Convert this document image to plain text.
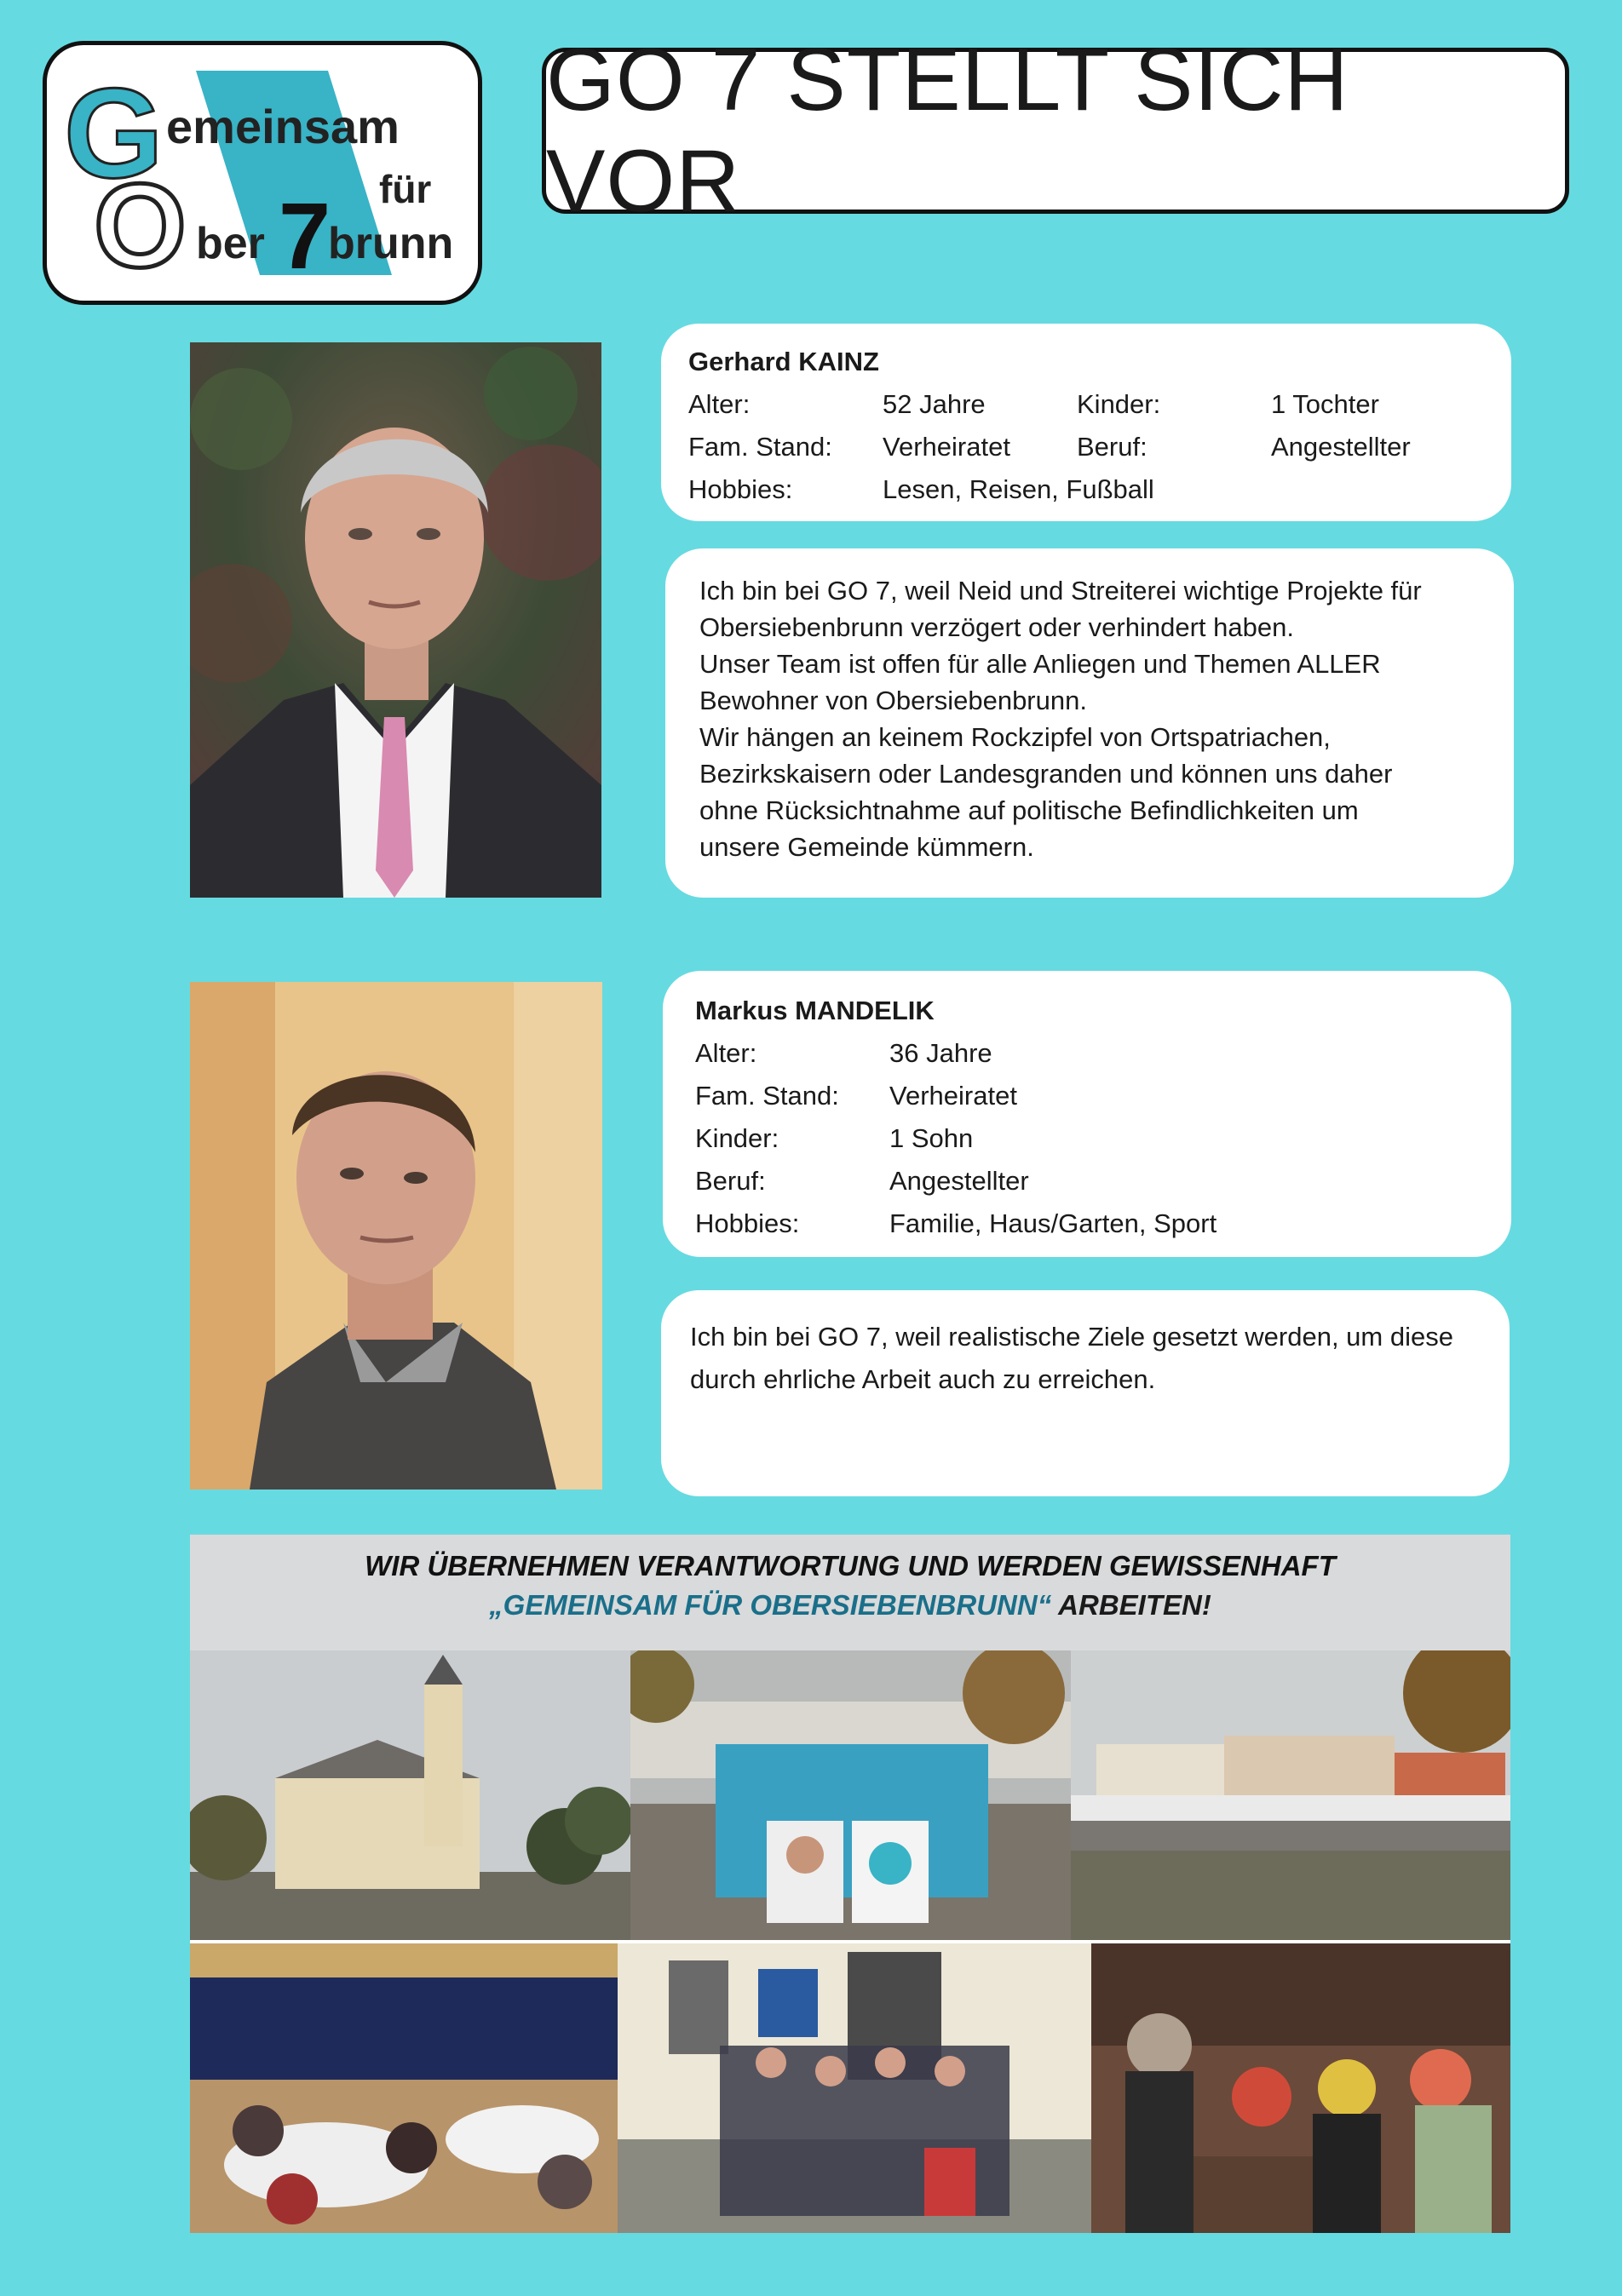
G
O
emeinsam
für
ber 7
brunn
GO 7 STELLT SICH VOR
Gerhard KAINZ
Alter:	52 Jahre	Kinder:	1 Tochter
Fam. Stand:	Verheiratet	Beruf:	Angestellter
Hobbies:	Lesen, Reisen, Fußball
Ich bin bei GO 7, weil Neid und Streiterei wichtige Projekte für
Obersiebenbrunn verzögert oder verhindert haben.
Unser Team ist offen für alle Anliegen und Themen ALLER
Bewohner von Obersiebenbrunn.
Wir hängen an keinem Rockzipfel von Ortspatriachen,
Bezirkskaisern oder Landesgranden und können uns daher
ohne Rücksichtnahme auf politische Befindlichkeiten um
unsere Gemeinde kümmern.
Markus MANDELIK
Alter:	36 Jahre
Fam. Stand:	Verheiratet
Kinder:	1 Sohn
Beruf:	Angestellter
Hobbies:	Familie, Haus/Garten, Sport
Ich bin bei GO 7, weil realistische Ziele gesetzt werden, um diese
durch ehrliche Arbeit auch zu erreichen.
WIR ÜBERNEHMEN VERANTWORTUNG UND WERDEN GEWISSENHAFT
„GEMEINSAM FÜR OBERSIEBENBRUNN“ ARBEITEN!
